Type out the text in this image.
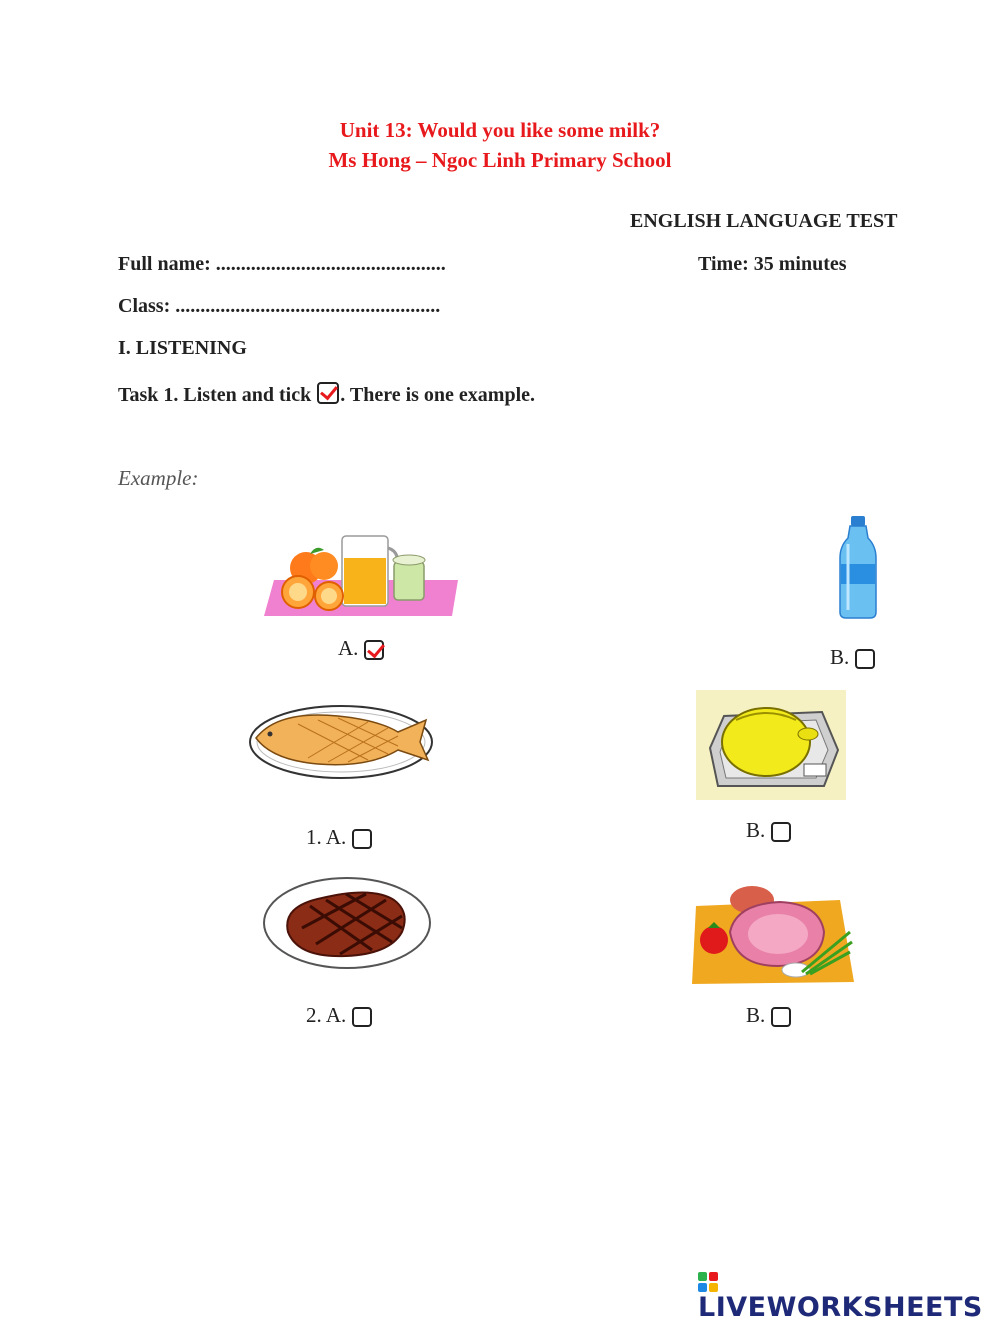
Unit 13: Would you like some milk?
Ms Hong – Ngoc Linh Primary School
ENGLISH LANGUAGE TEST
Full name: ..............................................	Time: 35 minutes
Class: .....................................................
I. LISTENING
Task 1. Listen and tick . There is one example.
Example:
A.	B.
1. A.	B.
2. A.	B.
LIVEWORKSHEETS
